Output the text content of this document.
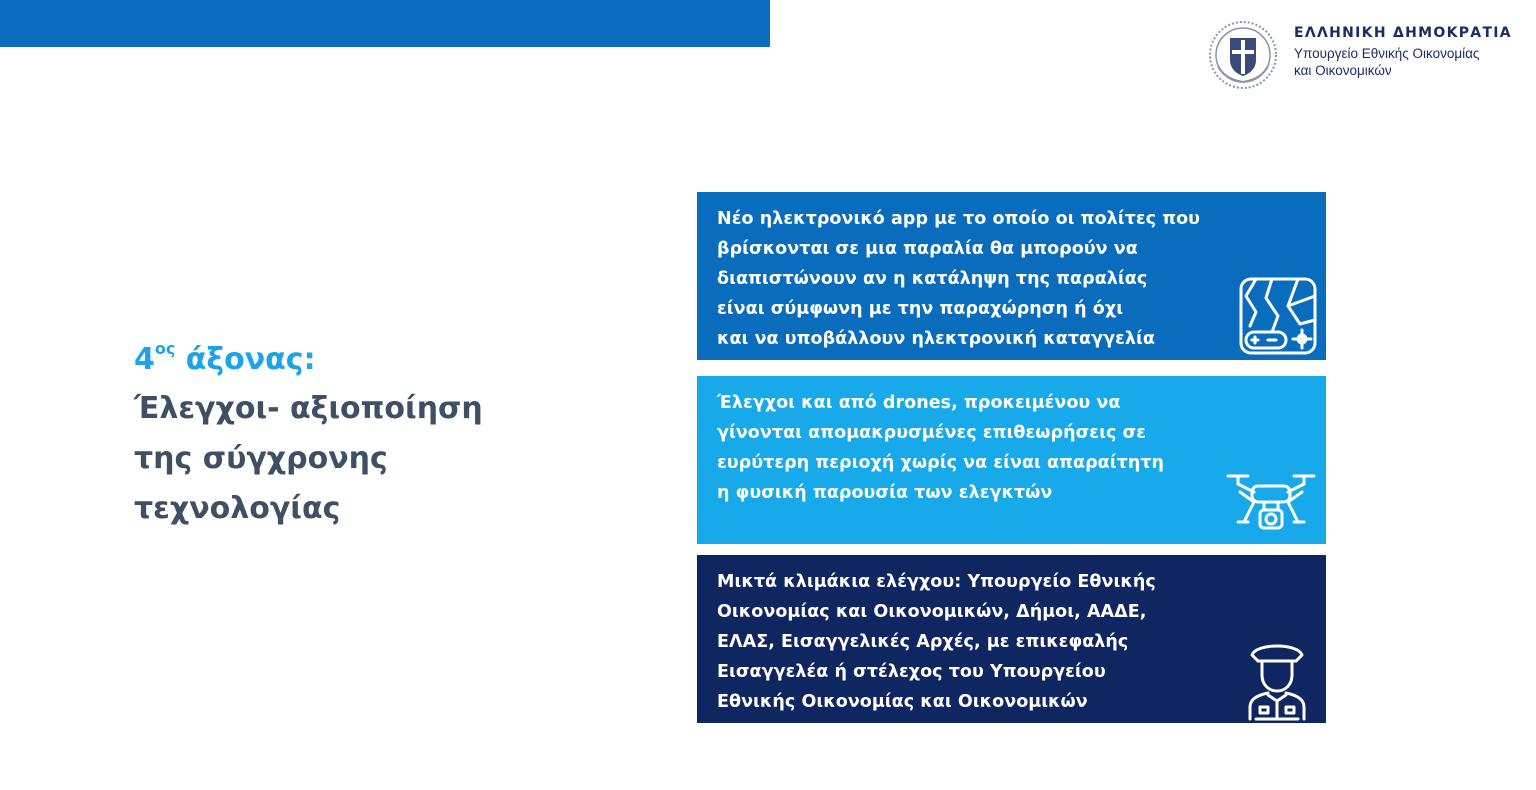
ΕΛΛΗΝΙΚΗ ΔΗΜΟΚΡΑΤΙΑ
Υπουργείο Εθνικής Οικονομίας
και Οικονομικών
$4^{o\varsigma}$ άξονας:
Έλεγχοι- αξιοποίηση
της σύγχρονης
τεχνολογίας
Νέο ηλεκτρονικό app με το οποίο οι πολίτες που
βρίσκονται σε μια παραλία θα μπορούν να
διαπιστώνουν αν η κατάληψη της παραλίας
είναι σύμφωνη με την παραχώρηση ή όχι
και να υποβάλλουν ηλεκτρονική καταγγελία
Έλεγχοι και από drones, προκειμένου να
γίνονται απομακρυσμένες επιθεωρήσεις σε
ευρύτερη περιοχή χωρίς να είναι απαραίτητη
η φυσική παρουσία των ελεγκτών
Μικτά κλιμάκια ελέγχου: Υπουργείο Εθνικής
Οικονομίας και Οικονομικών, Δήμοι, ΑΑΔΕ,
ΕΛΑΣ, Εισαγγελικές Αρχές, με επικεφαλής
Εισαγγελέα ή στέλεχος του Υπουργείου
Εθνικής Οικονομίας και Οικονομικών
